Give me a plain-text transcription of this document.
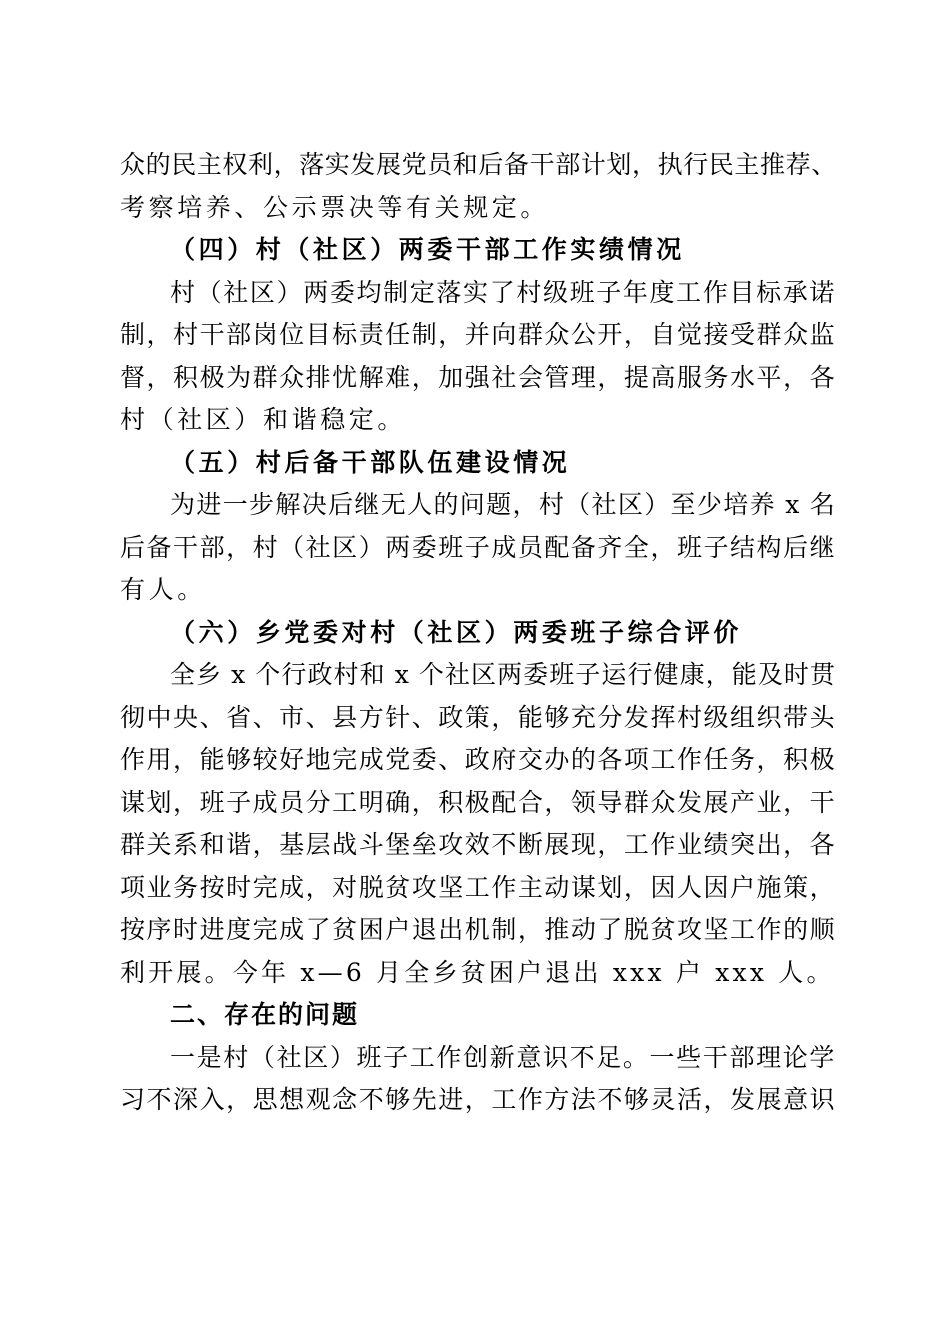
众的民主权利，落实发展党员和后备干部计划，执行民主推荐、

考察培养、公示票决等有关规定。

（四）村（社区）两委干部工作实绩情况

村（社区）两委均制定落实了村级班子年度工作目标承诺

制，村干部岗位目标责任制，并向群众公开，自觉接受群众监

督，积极为群众排忧解难，加强社会管理，提高服务水平，各

村（社区）和谐稳定。

（五）村后备干部队伍建设情况

为进一步解决后继无人的问题，村（社区）至少培养 x 名

后备干部，村（社区）两委班子成员配备齐全，班子结构后继

有人。

（六）乡党委对村（社区）两委班子综合评价

全乡 x 个行政村和 x 个社区两委班子运行健康，能及时贯

彻中央、省、市、县方针、政策，能够充分发挥村级组织带头

作用，能够较好地完成党委、政府交办的各项工作任务，积极

谋划，班子成员分工明确，积极配合，领导群众发展产业，干

群关系和谐，基层战斗堡垒攻效不断展现，工作业绩突出，各

项业务按时完成，对脱贫攻坚工作主动谋划，因人因户施策，

按序时进度完成了贫困户退出机制，推动了脱贫攻坚工作的顺

利开展。今年 x—6 月全乡贫困户退出 xxx 户 xxx 人。

二、存在的问题

一是村（社区）班子工作创新意识不足。一些干部理论学

习不深入，思想观念不够先进，工作方法不够灵活，发展意识
